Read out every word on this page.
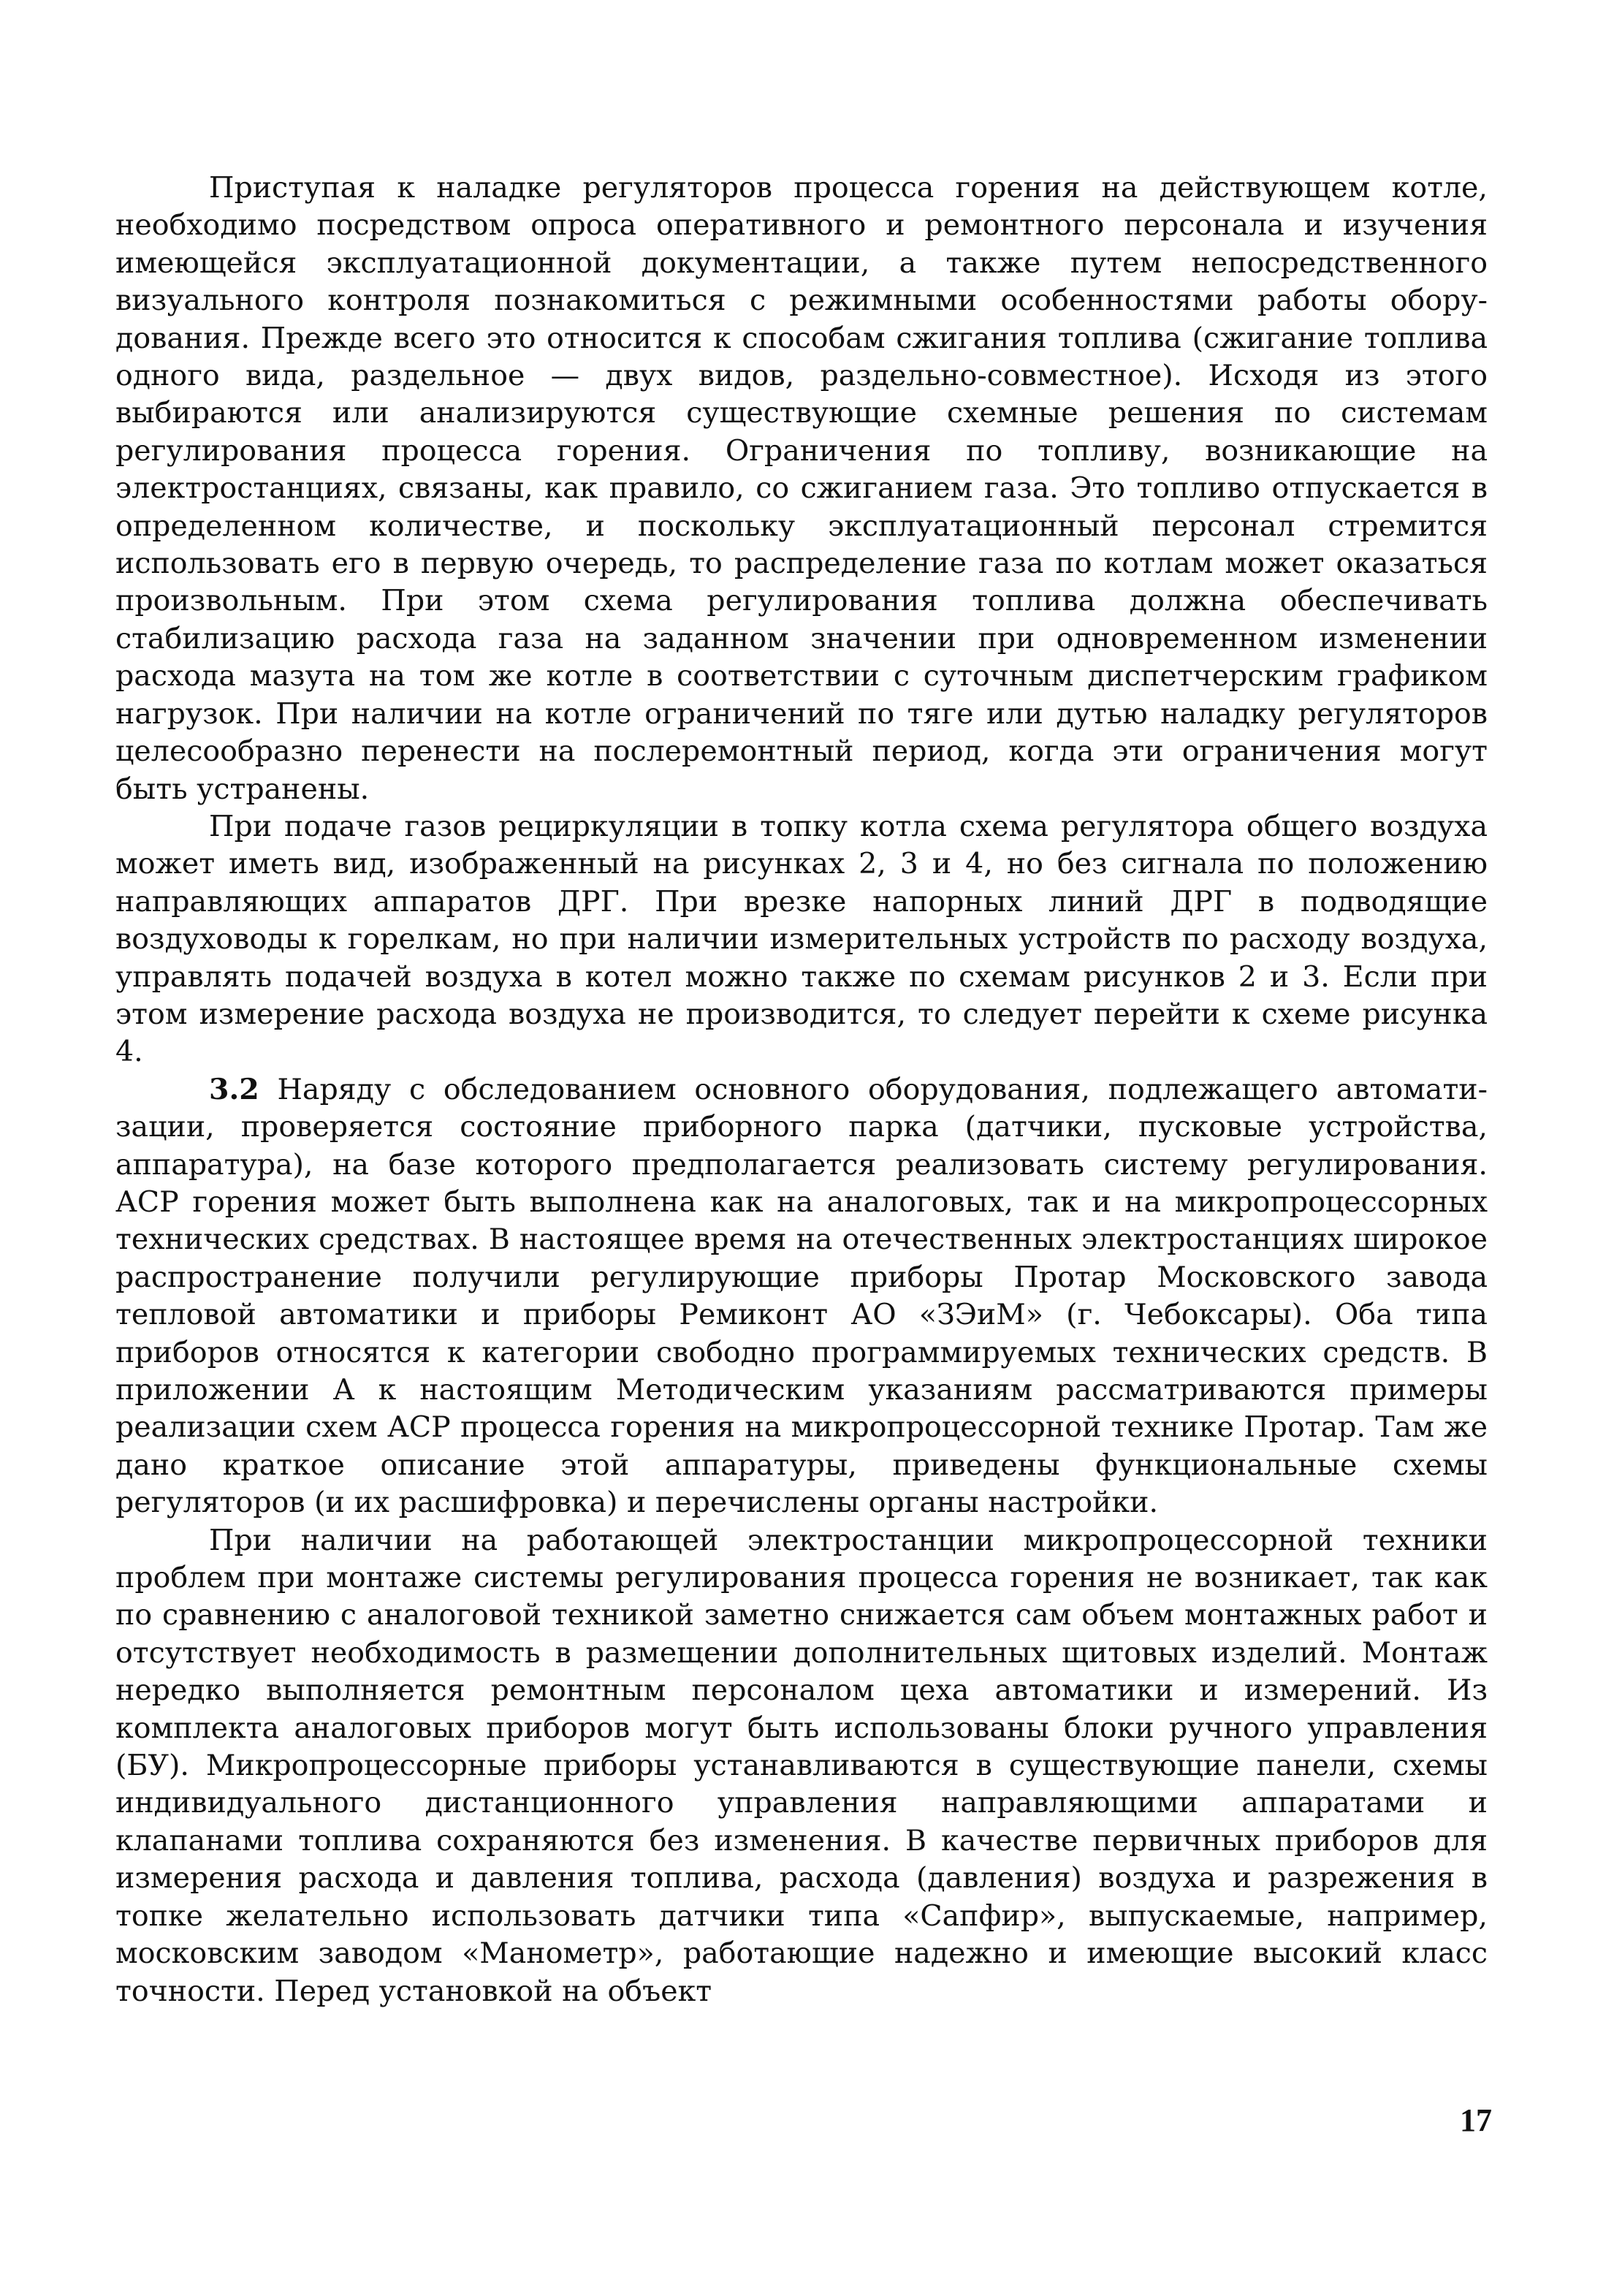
Приступая к наладке регуляторов процесса горения на действующем котле, необходимо посредством опроса оперативного и ремонтного персонала и изучения имеющейся эксплуатационной документации, а также путем непосредственного визуального контроля познакомиться с режимными особенностями работы оборудования. Прежде всего это относится к способам сжигания топлива (сжигание топлива одного вида, раздельное — двух видов, раздельно-совместное). Исходя из этого выбираются или анализируются существующие схемные решения по системам регулирования процесса горения. Ограничения по топливу, возникающие на электростанциях, связаны, как правило, со сжиганием газа. Это топливо отпускается в определенном количестве, и поскольку эксплуатационный персонал стремится использовать его в первую очередь, то распределение газа по котлам может оказаться произвольным. При этом схема регулирования топлива должна обеспечивать стабилизацию расхода газа на заданном значении при одновременном изменении расхода мазута на том же котле в соответствии с суточным диспетчерским графиком нагрузок. При наличии на котле ограничений по тяге или дутью наладку регуляторов целесообразно перенести на послеремонтный период, когда эти ограничения могут быть устранены.

При подаче газов рециркуляции в топку котла схема регулятора общего воздуха может иметь вид, изображенный на рисунках 2, 3 и 4, но без сигнала по положению направляющих аппаратов ДРГ. При врезке напорных линий ДРГ в подводящие воздуховоды к горелкам, но при наличии измерительных устройств по расходу воздуха, управлять подачей воздуха в котел можно также по схемам рисунков 2 и 3. Если при этом измерение расхода воздуха не производится, то следует перейти к схеме рисунка 4.

3.2 Наряду с обследованием основного оборудования, подлежащего автоматизации, проверяется состояние приборного парка (датчики, пусковые устройства, аппаратура), на базе которого предполагается реализовать систему регулирования. АСР горения может быть выполнена как на аналоговых, так и на микропроцессорных технических средствах. В настоящее время на отечественных электростанциях широкое распространение получили регулирующие приборы Протар Московского завода тепловой автоматики и приборы Ремиконт АО «ЗЭиМ» (г. Чебоксары). Оба типа приборов относятся к категории свободно программируемых технических средств. В приложении А к настоящим Методическим указаниям рассматриваются примеры реализации схем АСР процесса горения на микропроцессорной технике Протар. Там же дано краткое описание этой аппаратуры, приведены функциональные схемы регуляторов (и их расшифровка) и перечислены органы настройки.

При наличии на работающей электростанции микропроцессорной техники проблем при монтаже системы регулирования процесса горения не возникает, так как по сравнению с аналоговой техникой заметно снижается сам объем монтажных работ и отсутствует необходимость в размещении дополнительных щитовых изделий. Монтаж нередко выполняется ремонтным персоналом цеха автоматики и измерений. Из комплекта аналоговых приборов могут быть использованы блоки ручного управления (БУ). Микропроцессорные приборы устанавливаются в существующие панели, схемы индивидуального дистанционного управления направляющими аппаратами и клапанами топлива сохраняются без изменения. В качестве первичных приборов для измерения расхода и давления топлива, расхода (давления) воздуха и разрежения в топке желательно использовать датчики типа «Сапфир», выпускаемые, например, московским заводом «Манометр», работающие надежно и имеющие высокий класс точности. Перед установкой на объект

17
